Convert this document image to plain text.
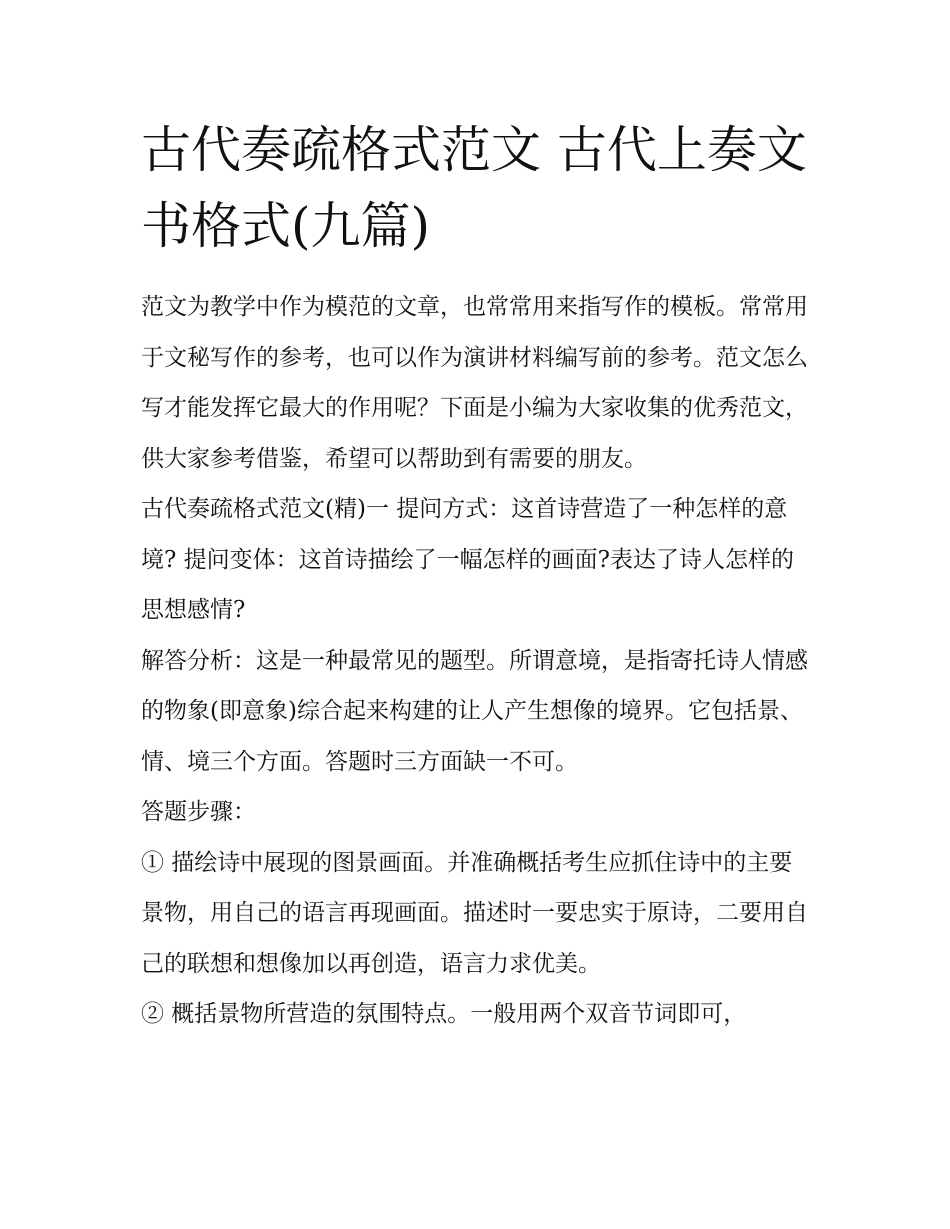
古代奏疏格式范文 古代上奏文书格式(九篇)

范文为教学中作为模范的文章，也常常用来指写作的模板。常常用于文秘写作的参考，也可以作为演讲材料编写前的参考。范文怎么写才能发挥它最大的作用呢？下面是小编为大家收集的优秀范文，供大家参考借鉴，希望可以帮助到有需要的朋友。

古代奏疏格式范文(精)一 提问方式：这首诗营造了一种怎样的意境? 提问变体：这首诗描绘了一幅怎样的画面?表达了诗人怎样的思想感情?

解答分析：这是一种最常见的题型。所谓意境，是指寄托诗人情感的物象(即意象)综合起来构建的让人产生想像的境界。它包括景、情、境三个方面。答题时三方面缺一不可。

答题步骤：

① 描绘诗中展现的图景画面。并准确概括考生应抓住诗中的主要景物，用自己的语言再现画面。描述时一要忠实于原诗，二要用自己的联想和想像加以再创造，语言力求优美。

② 概括景物所营造的氛围特点。一般用两个双音节词即可，
